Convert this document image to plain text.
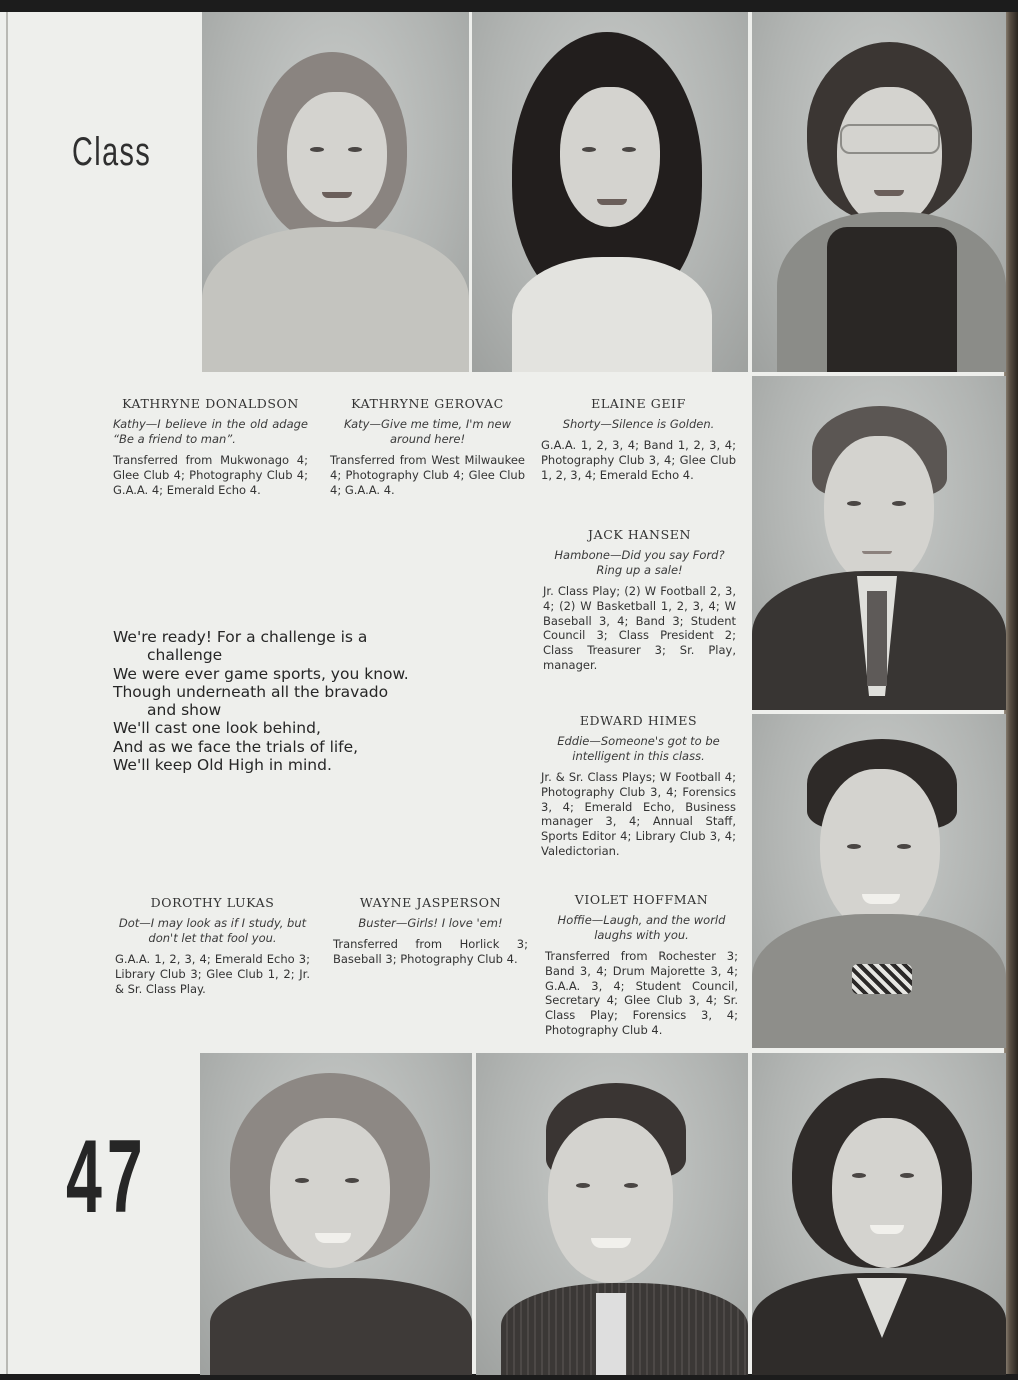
Class
47
KATHRYNE DONALDSON
Kathy—I believe in the old adage “Be a friend to man”.
Transferred from Mukwonago 4; Glee Club 4; Photography Club 4; G.A.A. 4; Emerald Echo 4.
KATHRYNE GEROVAC
Katy—Give me time, I'm new around here!
Transferred from West Milwaukee 4; Photography Club 4; Glee Club 4; G.A.A. 4.
ELAINE GEIF
Shorty—Silence is Golden.
G.A.A. 1, 2, 3, 4; Band 1, 2, 3, 4; Photography Club 3, 4; Glee Club 1, 2, 3, 4; Emerald Echo 4.
JACK HANSEN
Hambone—Did you say Ford? Ring up a sale!
Jr. Class Play; (2) W Football 2, 3, 4; (2) W Basketball 1, 2, 3, 4; W Baseball 3, 4; Band 3; Student Council 3; Class President 2; Class Treasurer 3; Sr. Play, manager.
EDWARD HIMES
Eddie—Someone's got to be intelligent in this class.
Jr. & Sr. Class Plays; W Football 4; Photography Club 3, 4; Forensics 3, 4; Emerald Echo, Business manager 3, 4; Annual Staff, Sports Editor 4; Library Club 3, 4; Valedictorian.
DOROTHY LUKAS
Dot—I may look as if I study, but don't let that fool you.
G.A.A. 1, 2, 3, 4; Emerald Echo 3; Library Club 3; Glee Club 1, 2; Jr. & Sr. Class Play.
WAYNE JASPERSON
Buster—Girls! I love 'em!
Transferred from Horlick 3; Baseball 3; Photography Club 4.
VIOLET HOFFMAN
Hoffie—Laugh, and the world laughs with you.
Transferred from Rochester 3; Band 3, 4; Drum Majorette 3, 4; G.A.A. 3, 4; Student Council, Secretary 4; Glee Club 3, 4; Sr. Class Play; Forensics 3, 4; Photography Club 4.
We're ready! For a challenge is a
challenge
We were ever game sports, you know.
Though underneath all the bravado
and show
We'll cast one look behind,
And as we face the trials of life,
We'll keep Old High in mind.
